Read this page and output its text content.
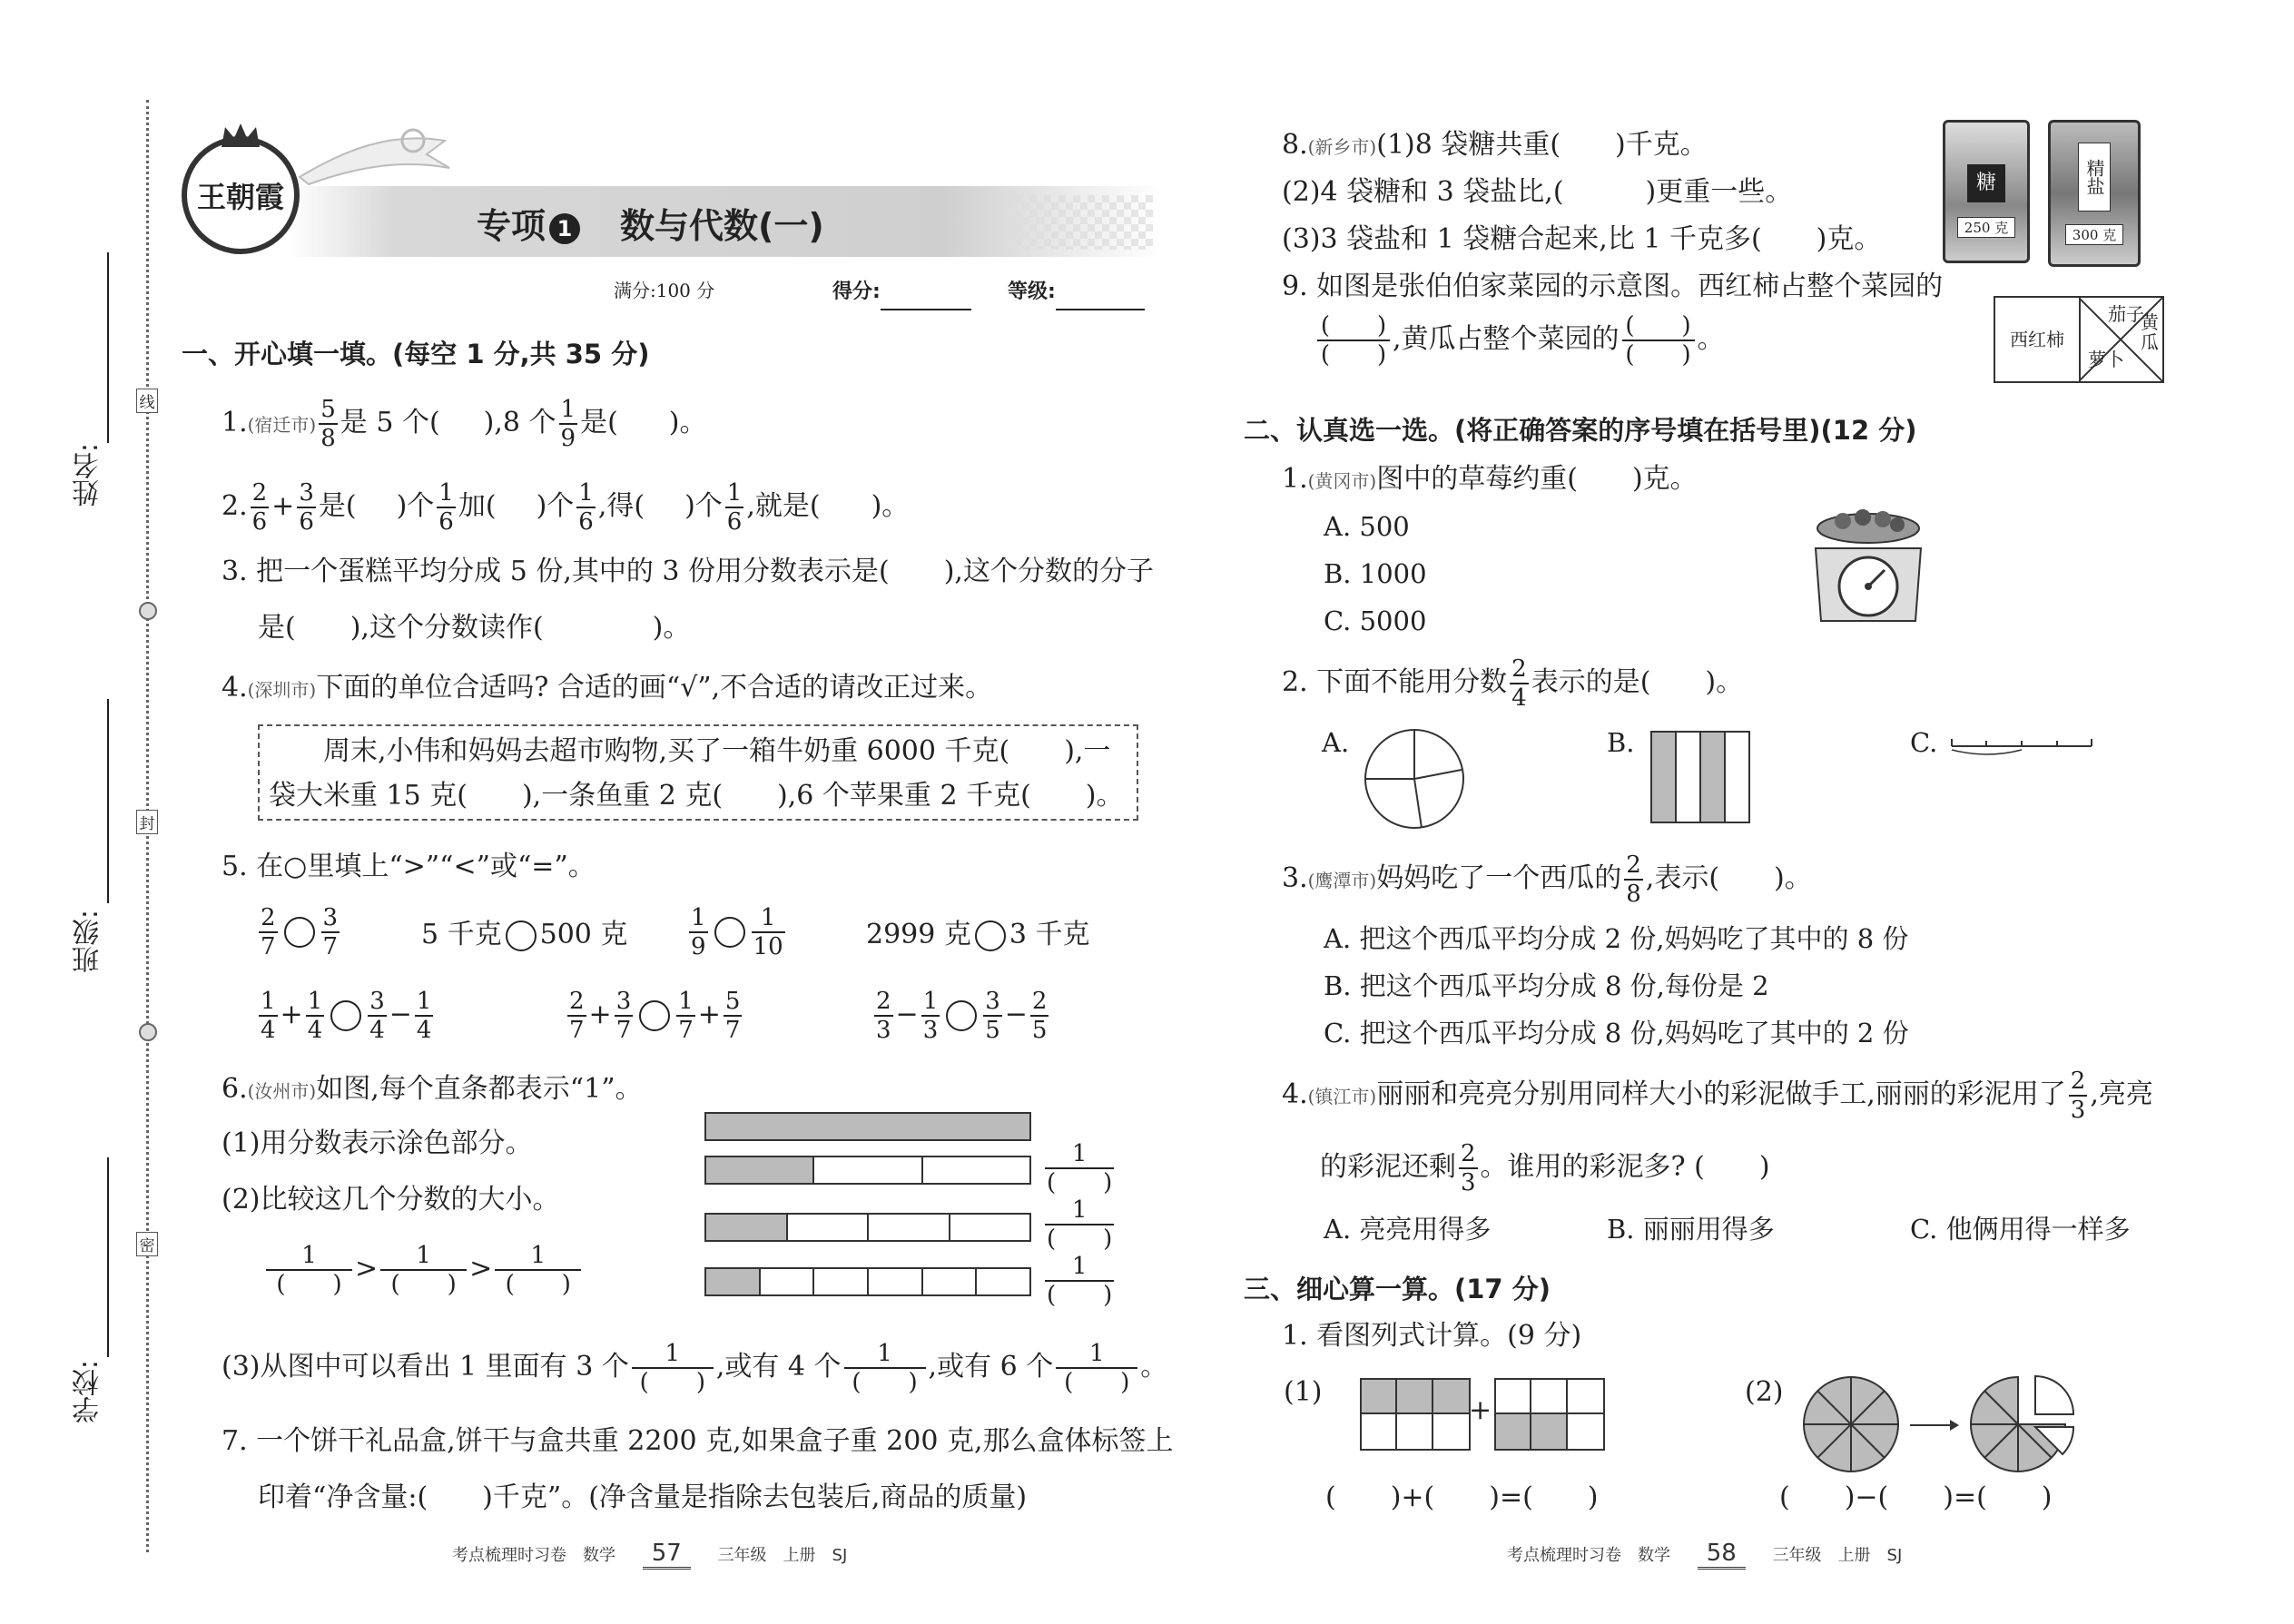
姓名:
班级:
学校:
线
封
密
王朝霞
专项 1 数与代数(一)
满分:100 分	得分:	等级:
一、开心填一填。(每空 1 分,共 35 分)
1.(宿迁市) $\frac{5}{8}$ 是 5 个( ),8 个 $\frac{1}{9}$ 是( )。
2. $\frac{2}{6} + \frac{3}{6}$ 是( )个 $\frac{1}{6}$ 加( )个 $\frac{1}{6}$ ,得( )个 $\frac{1}{6}$ ,就是( )。
3. 把一个蛋糕平均分成 5 份,其中的 3 份用分数表示是(　　),这个分数的分子
是(　　),这个分数读作(　　　　)。
4.(深圳市)下面的单位合适吗? 合适的画“√”,不合适的请改正过来。
周末,小伟和妈妈去超市购物,买了一箱牛奶重 6000 千克(　　),一
袋大米重 15 克(　　),一条鱼重 2 克(　　),6 个苹果重 2 千克(　　)。
5. 在○里填上“>”“<”或“=”。
$\frac{2}{7} \frac{3}{7}$	5 千克 500 克	$\frac{1}{9} \frac{1}{10}$	2999 克 3 千克
$\frac{1}{4} + \frac{1}{4} \frac{3}{4} - \frac{1}{4}$	$\frac{2}{7} + \frac{3}{7} \frac{1}{7} + \frac{5}{7}$	$\frac{2}{3} - \frac{1}{3} \frac{3}{5} - \frac{2}{5}$
6.(汝州市)如图,每个直条都表示“1”。
(1)用分数表示涂色部分。
(2)比较这几个分数的大小。
$\frac{1}{( )}$
$\frac{1}{( )}$
$\frac{1}{( )}$
$\frac{1}{( )} > \frac{1}{( )} > \frac{1}{( )}$
(3)从图中可以看出 1 里面有 3 个 $\frac{1}{( )}$ ,或有 4 个 $\frac{1}{( )}$ ,或有 6 个 $\frac{1}{( )}$ 。
7. 一个饼干礼品盒,饼干与盒共重 2200 克,如果盒子重 200 克,那么盒体标签上
印着“净含量:(　　)千克”。(净含量是指除去包装后,商品的质量)
考点梳理时习卷　数学 57 三年级　上册　SJ
8.(新乡市)(1)8 袋糖共重(　　)千克。
(2)4 袋糖和 3 袋盐比,(　　　)更重一些。
(3)3 袋盐和 1 袋糖合起来,比 1 千克多(　　)克。
糖
250 克
精盐
300 克
9. 如图是张伯伯家菜园的示意图。西红柿占整个菜园的
$\frac{( )}{( )}$ ,黄瓜占整个菜园的 $\frac{( )}{( )}$ 。	西红柿
茄子
黄瓜
萝卜
二、认真选一选。(将正确答案的序号填在括号里)(12 分)
1.(黄冈市)图中的草莓约重(　　)克。
A. 500
B. 1000
C. 5000
2. 下面不能用分数 $\frac{2}{4}$ 表示的是(　　)。
A.	B.	C.
3.(鹰潭市)妈妈吃了一个西瓜的 $\frac{2}{8}$ ,表示(　　)。
A. 把这个西瓜平均分成 2 份,妈妈吃了其中的 8 份
B. 把这个西瓜平均分成 8 份,每份是 2
C. 把这个西瓜平均分成 8 份,妈妈吃了其中的 2 份
4.(镇江市)丽丽和亮亮分别用同样大小的彩泥做手工,丽丽的彩泥用了 $\frac{2}{3}$ ,亮亮
的彩泥还剩 $\frac{2}{3}$ 。谁用的彩泥多? (　　)
A. 亮亮用得多	B. 丽丽用得多	C. 他俩用得一样多
三、细心算一算。(17 分)
1. 看图列式计算。(9 分)
(1)
+
(　　)+(　　)=(　　)
(2)
(　　)−(　　)=(　　)
考点梳理时习卷　数学 58 三年级　上册　SJ
